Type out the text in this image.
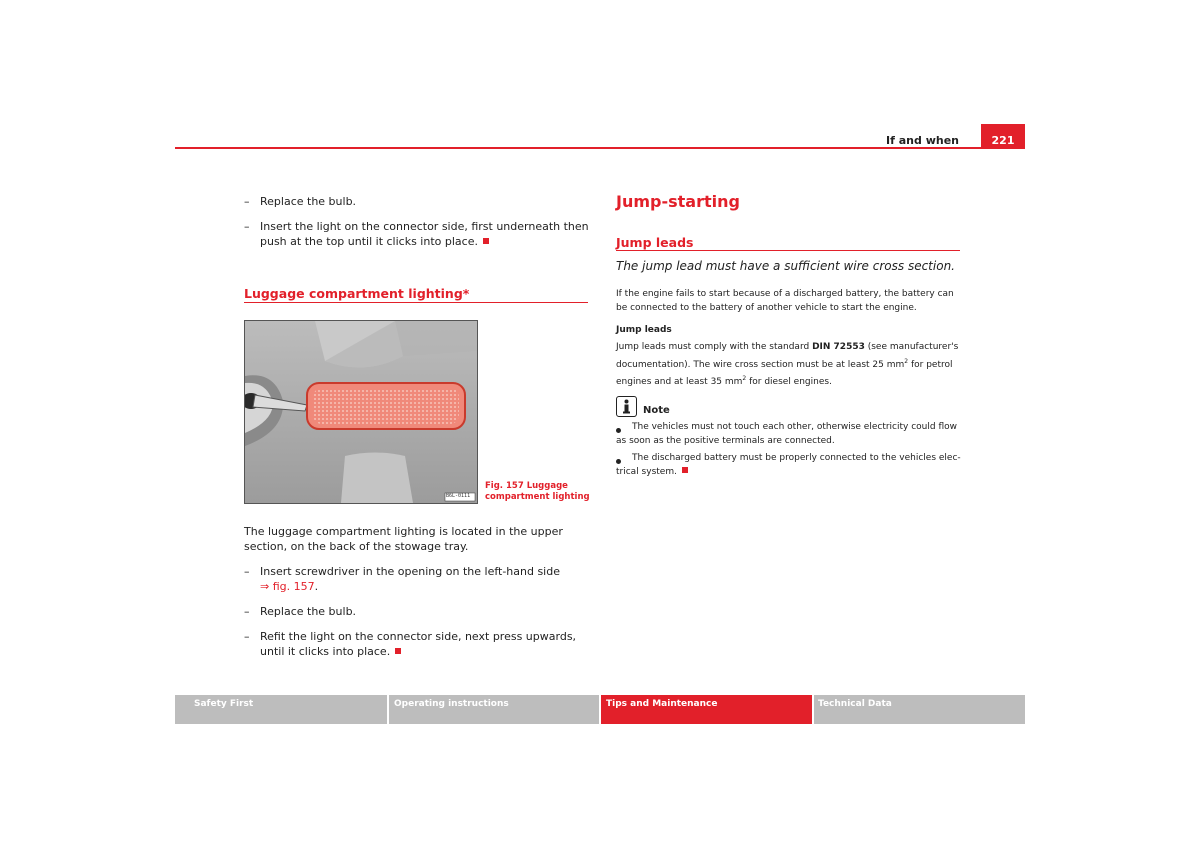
If and when	221
– Replace the bulb.
– Insert the light on the connector side, first underneath then push at the top until it clicks into place.
Luggage compartment lighting*
B6L-0111
Fig. 157 Luggage
compartment lighting
The luggage compartment lighting is located in the upper section, on the back of the stowage tray.
– Insert screwdriver in the opening on the left-hand side
⇒ fig. 157.
– Replace the bulb.
– Refit the light on the connector side, next press upwards, until it clicks into place.
Jump-starting
Jump leads
The jump lead must have a sufficient wire cross section.
If the engine fails to start because of a discharged battery, the battery can be connected to the battery of another vehicle to start the engine.
Jump leads
Jump leads must comply with the standard DIN 72553 (see manufacturer's documentation). The wire cross section must be at least 25 $mm^2$ for petrol engines and at least 35 $mm^2$ for diesel engines.
Note
The vehicles must not touch each other, otherwise electricity could flow as soon as the positive terminals are connected.
The discharged battery must be properly connected to the vehicles elec- trical system.
Safety First	Operating instructions	Tips and Maintenance	Technical Data
